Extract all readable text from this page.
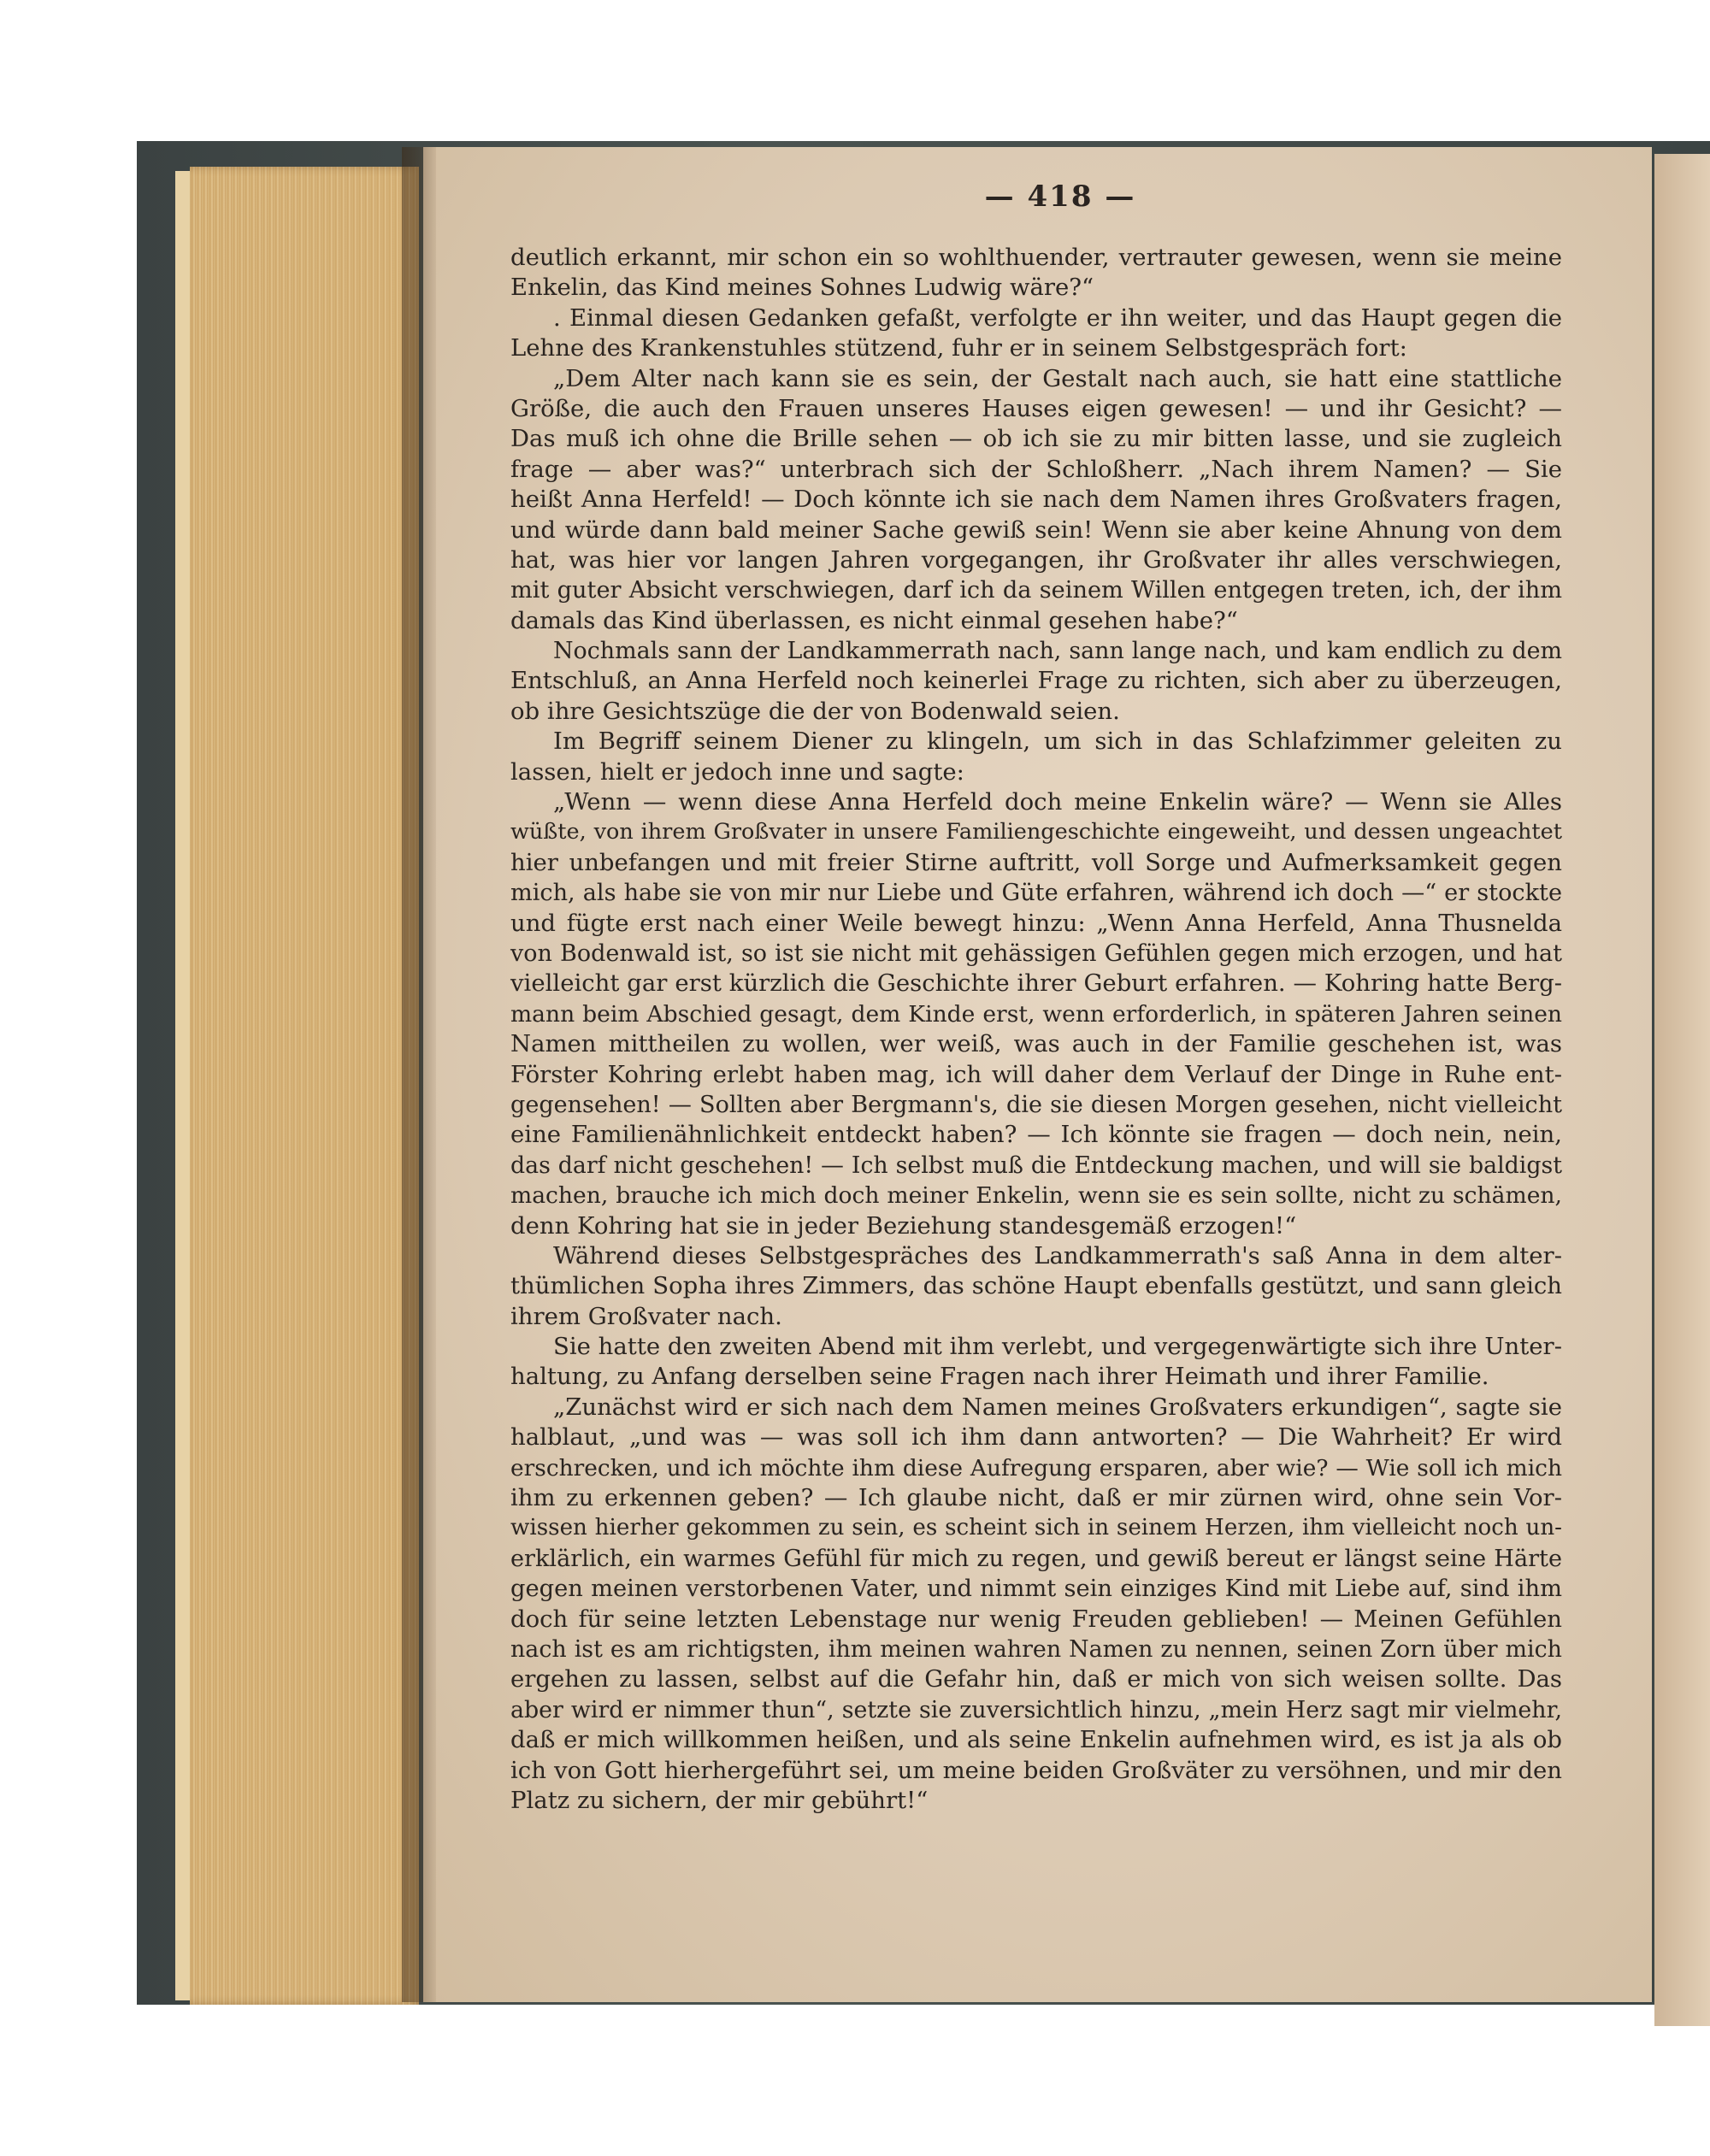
— 418 —
deutlich erkannt, mir schon ein so wohlthuender, vertrauter gewesen, wenn sie meine
Enkelin, das Kind meines Sohnes Ludwig wäre?“
. Einmal diesen Gedanken gefaßt, verfolgte er ihn weiter, und das Haupt gegen die
Lehne des Krankenstuhles stützend, fuhr er in seinem Selbstgespräch fort:
„Dem Alter nach kann sie es sein, der Gestalt nach auch, sie hatt eine stattliche
Größe, die auch den Frauen unseres Hauses eigen gewesen! — und ihr Gesicht? —
Das muß ich ohne die Brille sehen — ob ich sie zu mir bitten lasse, und sie zugleich
frage — aber was?“ unterbrach sich der Schloßherr. „Nach ihrem Namen? — Sie
heißt Anna Herfeld! — Doch könnte ich sie nach dem Namen ihres Großvaters fragen,
und würde dann bald meiner Sache gewiß sein! Wenn sie aber keine Ahnung von dem
hat, was hier vor langen Jahren vorgegangen, ihr Großvater ihr alles verschwiegen,
mit guter Absicht verschwiegen, darf ich da seinem Willen entgegen treten, ich, der ihm
damals das Kind überlassen, es nicht einmal gesehen habe?“
Nochmals sann der Landkammerrath nach, sann lange nach, und kam endlich zu dem
Entschluß, an Anna Herfeld noch keinerlei Frage zu richten, sich aber zu überzeugen,
ob ihre Gesichtszüge die der von Bodenwald seien.
Im Begriff seinem Diener zu klingeln, um sich in das Schlafzimmer geleiten zu
lassen, hielt er jedoch inne und sagte:
„Wenn — wenn diese Anna Herfeld doch meine Enkelin wäre? — Wenn sie Alles
wüßte, von ihrem Großvater in unsere Familiengeschichte eingeweiht, und dessen ungeachtet
hier unbefangen und mit freier Stirne auftritt, voll Sorge und Aufmerksamkeit gegen
mich, als habe sie von mir nur Liebe und Güte erfahren, während ich doch —“ er stockte
und fügte erst nach einer Weile bewegt hinzu: „Wenn Anna Herfeld, Anna Thusnelda
von Bodenwald ist, so ist sie nicht mit gehässigen Gefühlen gegen mich erzogen, und hat
vielleicht gar erst kürzlich die Geschichte ihrer Geburt erfahren. — Kohring hatte Berg-
mann beim Abschied gesagt, dem Kinde erst, wenn erforderlich, in späteren Jahren seinen
Namen mittheilen zu wollen, wer weiß, was auch in der Familie geschehen ist, was
Förster Kohring erlebt haben mag, ich will daher dem Verlauf der Dinge in Ruhe ent-
gegensehen! — Sollten aber Bergmann's, die sie diesen Morgen gesehen, nicht vielleicht
eine Familienähnlichkeit entdeckt haben? — Ich könnte sie fragen — doch nein, nein,
das darf nicht geschehen! — Ich selbst muß die Entdeckung machen, und will sie baldigst
machen, brauche ich mich doch meiner Enkelin, wenn sie es sein sollte, nicht zu schämen,
denn Kohring hat sie in jeder Beziehung standesgemäß erzogen!“
Während dieses Selbstgespräches des Landkammerrath's saß Anna in dem alter-
thümlichen Sopha ihres Zimmers, das schöne Haupt ebenfalls gestützt, und sann gleich
ihrem Großvater nach.
Sie hatte den zweiten Abend mit ihm verlebt, und vergegenwärtigte sich ihre Unter-
haltung, zu Anfang derselben seine Fragen nach ihrer Heimath und ihrer Familie.
„Zunächst wird er sich nach dem Namen meines Großvaters erkundigen“, sagte sie
halblaut, „und was — was soll ich ihm dann antworten? — Die Wahrheit? Er wird
erschrecken, und ich möchte ihm diese Aufregung ersparen, aber wie? — Wie soll ich mich
ihm zu erkennen geben? — Ich glaube nicht, daß er mir zürnen wird, ohne sein Vor-
wissen hierher gekommen zu sein, es scheint sich in seinem Herzen, ihm vielleicht noch un-
erklärlich, ein warmes Gefühl für mich zu regen, und gewiß bereut er längst seine Härte
gegen meinen verstorbenen Vater, und nimmt sein einziges Kind mit Liebe auf, sind ihm
doch für seine letzten Lebenstage nur wenig Freuden geblieben! — Meinen Gefühlen
nach ist es am richtigsten, ihm meinen wahren Namen zu nennen, seinen Zorn über mich
ergehen zu lassen, selbst auf die Gefahr hin, daß er mich von sich weisen sollte. Das
aber wird er nimmer thun“, setzte sie zuversichtlich hinzu, „mein Herz sagt mir vielmehr,
daß er mich willkommen heißen, und als seine Enkelin aufnehmen wird, es ist ja als ob
ich von Gott hierhergeführt sei, um meine beiden Großväter zu versöhnen, und mir den
Platz zu sichern, der mir gebührt!“
